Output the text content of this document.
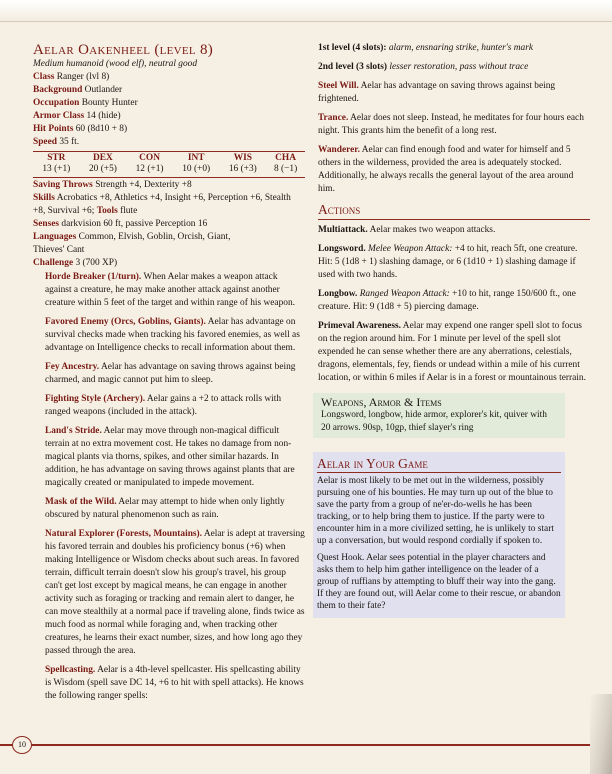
Aelar Oakenheel (level 8)
Medium humanoid (wood elf), neutral good
Class Ranger (lvl 8)
Background Outlander
Occupation Bounty Hunter
Armor Class 14 (hide)
Hit Points 60 (8d10 + 8)
Speed 35 ft.
STR	DEX	CON	INT	WIS	CHA
13 (+1)	20 (+5)	12 (+1)	10 (+0)	16 (+3)	8 (−1)
Saving Throws Strength +4, Dexterity +8
Skills Acrobatics +8, Athletics +4, Insight +6, Perception +6, Stealth +8, Survival +6; Tools flute
Senses darkvision 60 ft, passive Perception 16
Languages Common, Elvish, Goblin, Orcish, Giant, Thieves' Cant
Challenge 3 (700 XP)

Horde Breaker (1/turn). When Aelar makes a weapon attack against a creature, he may make another attack against another creature within 5 feet of the target and within range of his weapon.

Favored Enemy (Orcs, Goblins, Giants). Aelar has advantage on survival checks made when tracking his favored enemies, as well as advantage on Intelligence checks to recall information about them.

Fey Ancestry. Aelar has advantage on saving throws against being charmed, and magic cannot put him to sleep.

Fighting Style (Archery). Aelar gains a +2 to attack rolls with ranged weapons (included in the attack).

Land's Stride. Aelar may move through non-magical difficult terrain at no extra movement cost. He takes no damage from non-magical plants via thorns, spikes, and other similar hazards. In addition, he has advantage on saving throws against plants that are magically created or manipulated to impede movement.

Mask of the Wild. Aelar may attempt to hide when only lightly obscured by natural phenomenon such as rain.

Natural Explorer (Forests, Mountains). Aelar is adept at traversing his favored terrain and doubles his proficiency bonus (+6) when making Intelligence or Wisdom checks about such areas. In favored terrain, difficult terrain doesn't slow his group's travel, his group can't get lost except by magical means, he can engage in another activity such as foraging or tracking and remain alert to danger, he can move stealthily at a normal pace if traveling alone, finds twice as much food as normal while foraging and, when tracking other creatures, he learns their exact number, sizes, and how long ago they passed through the area.

Spellcasting. Aelar is a 4th-level spellcaster. His spellcasting ability is Wisdom (spell save DC 14, +6 to hit with spell attacks). He knows the following ranger spells:

1st level (4 slots): alarm, ensnaring strike, hunter's mark

2nd level (3 slots) lesser restoration, pass without trace

Steel Will. Aelar has advantage on saving throws against being frightened.

Trance. Aelar does not sleep. Instead, he meditates for four hours each night. This grants him the benefit of a long rest.

Wanderer. Aelar can find enough food and water for himself and 5 others in the wilderness, provided the area is adequately stocked. Additionally, he always recalls the general layout of the area around him.

Actions

Multiattack. Aelar makes two weapon attacks.

Longsword. Melee Weapon Attack: +4 to hit, reach 5ft, one creature. Hit: 5 (1d8 + 1) slashing damage, or 6 (1d10 + 1) slashing damage if used with two hands.

Longbow. Ranged Weapon Attack: +10 to hit, range 150/600 ft., one creature. Hit: 9 (1d8 + 5) piercing damage.

Primeval Awareness. Aelar may expend one ranger spell slot to focus on the region around him. For 1 minute per level of the spell slot expended he can sense whether there are any aberrations, celestials, dragons, elementals, fey, fiends or undead within a mile of his current location, or within 6 miles if Aelar is in a forest or mountainous terrain.

Weapons, Armor & Items
Longsword, longbow, hide armor, explorer's kit, quiver with 20 arrows. 90sp, 10gp, thief slayer's ring
Aelar in Your Game

Aelar is most likely to be met out in the wilderness, possibly pursuing one of his bounties. He may turn up out of the blue to save the party from a group of ne'er-do-wells he has been tracking, or to help bring them to justice. If the party were to encounter him in a more civilized setting, he is unlikely to start up a conversation, but would respond cordially if spoken to.

Quest Hook. Aelar sees potential in the player characters and asks them to help him gather intelligence on the leader of a group of ruffians by attempting to bluff their way into the gang. If they are found out, will Aelar come to their rescue, or abandon them to their fate?

10
